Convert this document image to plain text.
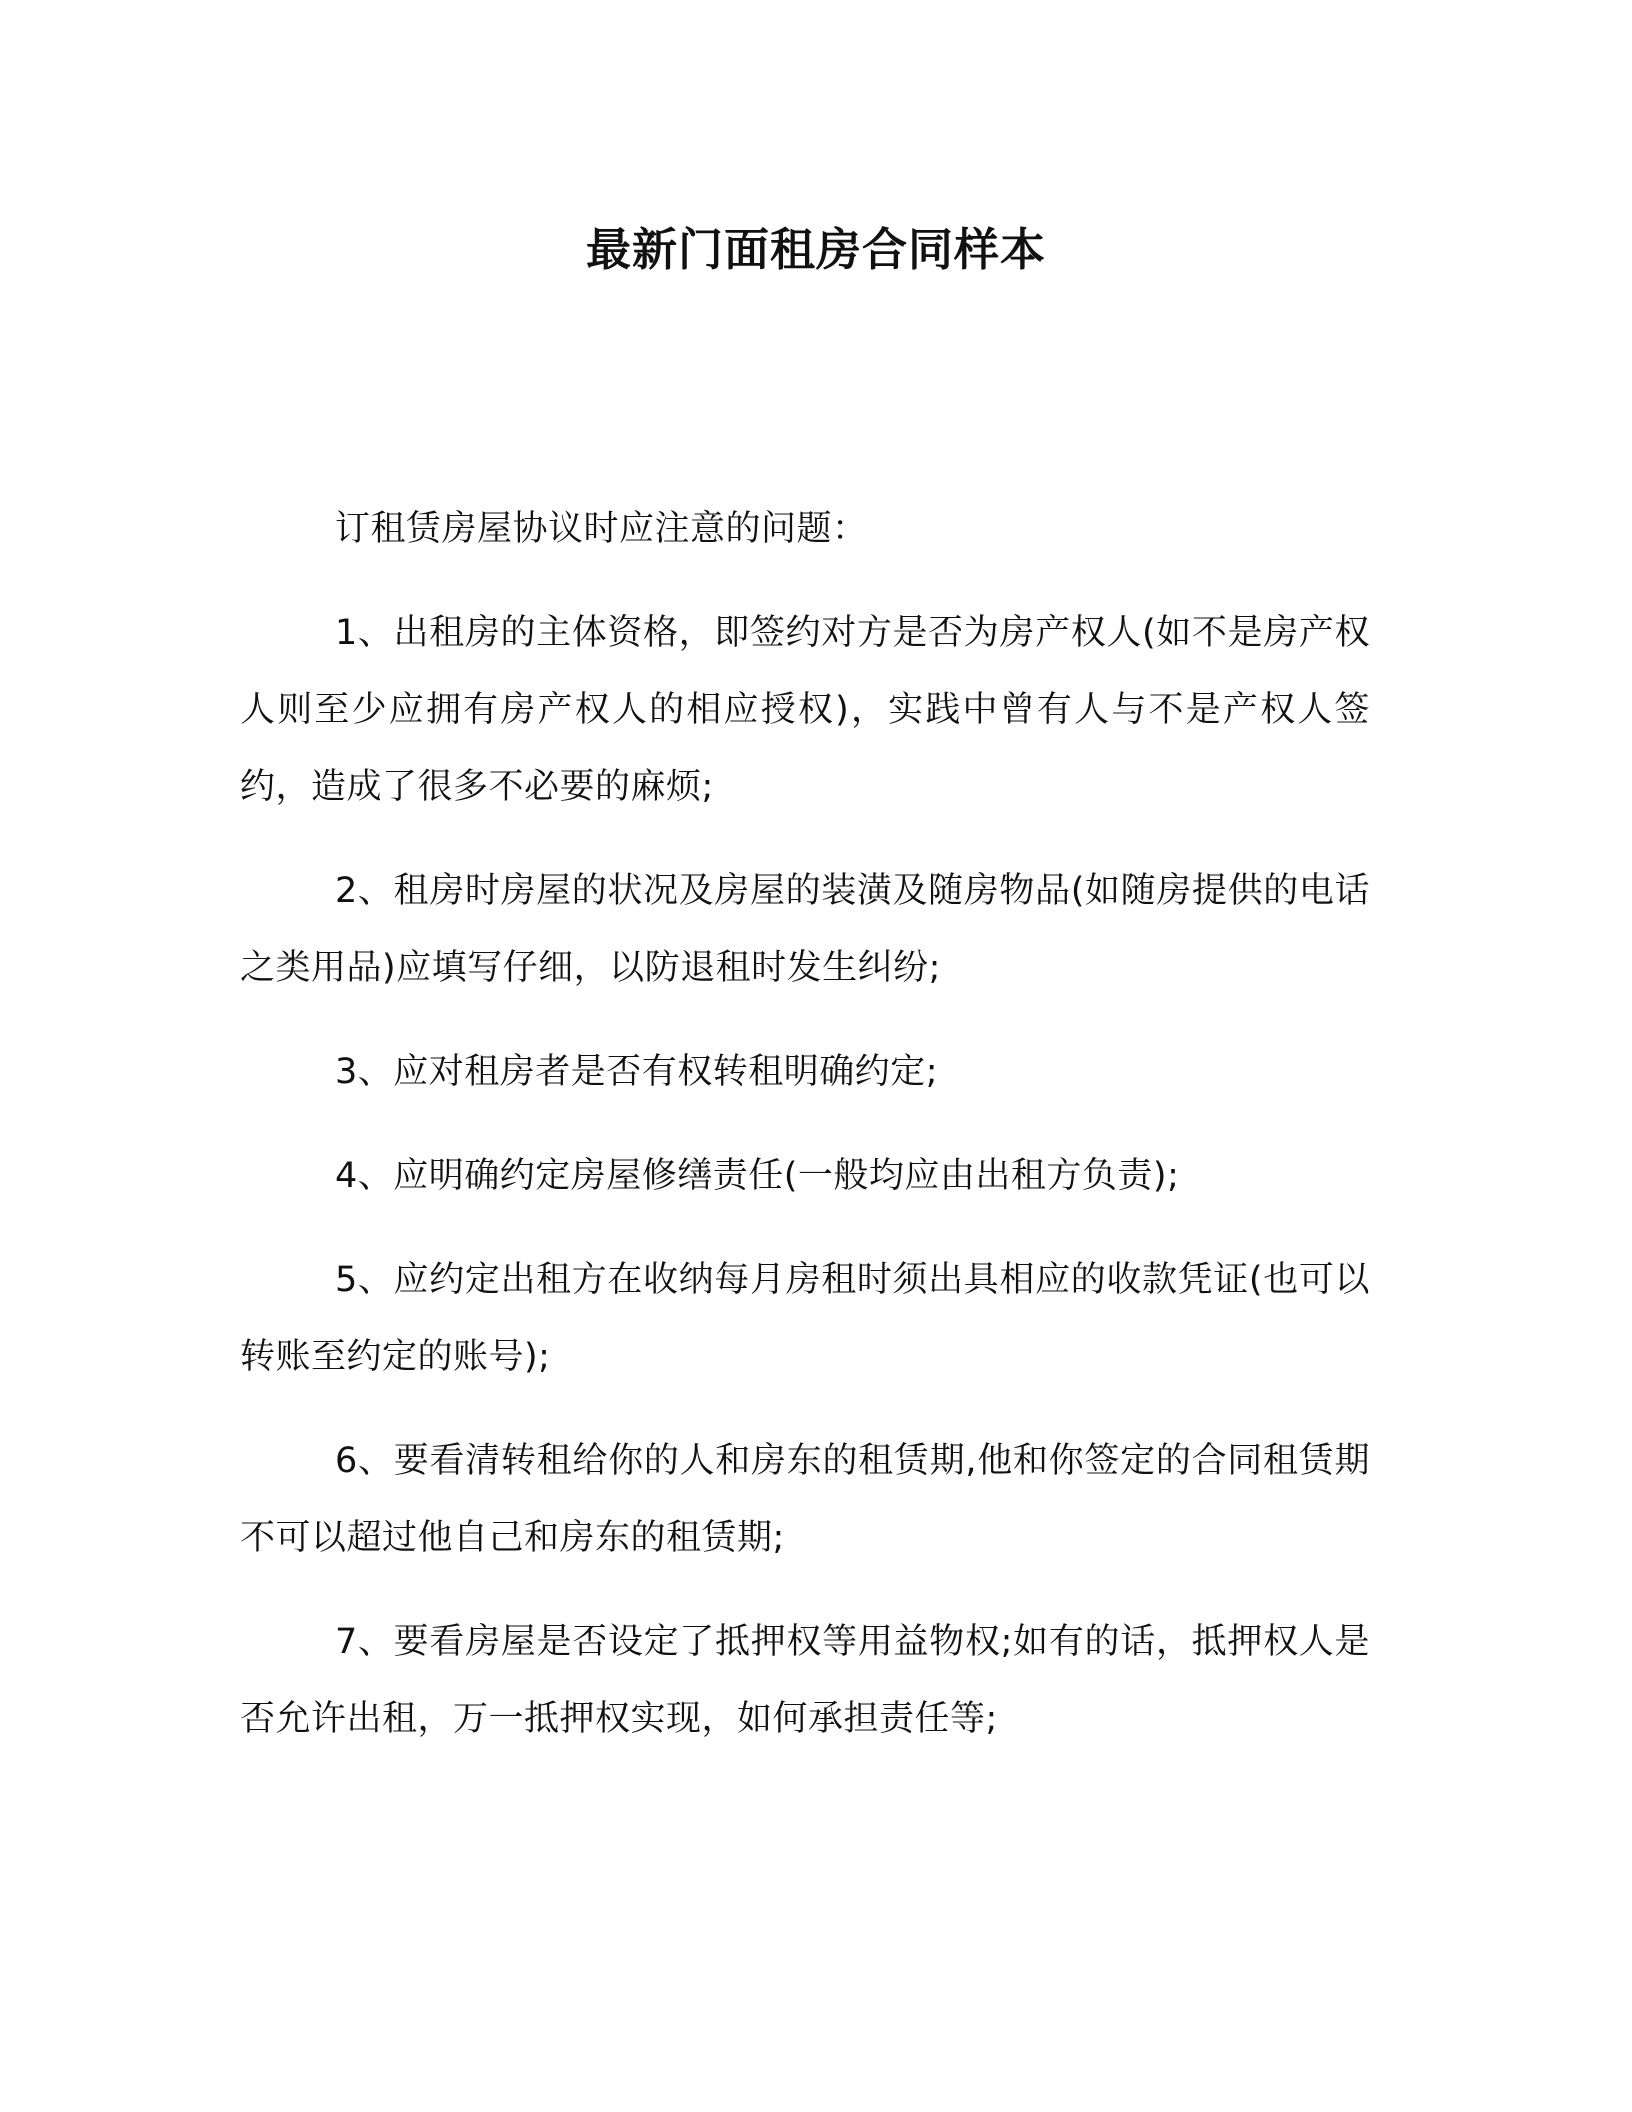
最新门面租房合同样本

订租赁房屋协议时应注意的问题：

1、出租房的主体资格，即签约对方是否为房产权人(如不是房产权人则至少应拥有房产权人的相应授权)，实践中曾有人与不是产权人签约，造成了很多不必要的麻烦;

2、租房时房屋的状况及房屋的装潢及随房物品(如随房提供的电话之类用品)应填写仔细，以防退租时发生纠纷;

3、应对租房者是否有权转租明确约定;

4、应明确约定房屋修缮责任(一般均应由出租方负责);

5、应约定出租方在收纳每月房租时须出具相应的收款凭证(也可以转账至约定的账号);

6、要看清转租给你的人和房东的租赁期,他和你签定的合同租赁期不可以超过他自己和房东的租赁期;

7、要看房屋是否设定了抵押权等用益物权;如有的话，抵押权人是否允许出租，万一抵押权实现，如何承担责任等;
